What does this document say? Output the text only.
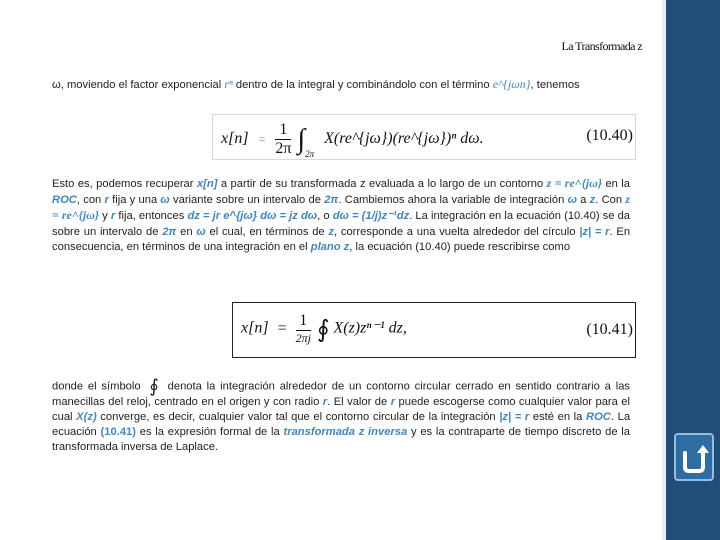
La Transformada z
ω, moviendo el factor exponencial rⁿ dentro de la integral y combinándolo con el término e^{jωn}, tenemos
$x[n] = \frac{1}{2\pi} \int_{2\pi}$ X(re^{jω})(re^{jω})ⁿ dω.	(10.40)
Esto es, podemos recuperar x[n] a partir de su transformada z evaluada a lo largo de un contorno z = re^{jω} en la ROC, con r fija y una ω variante sobre un intervalo de 2π. Cambiemos ahora la variable de integración ω a z. Con z = re^{jω} y r fija, entonces dz = jr e^{jω} dω = jz dω, o dω = (1/j)z⁻¹dz. La integración en la ecuación (10.40) se da sobre un intervalo de 2π en ω el cual, en términos de z, corresponde a una vuelta alrededor del círculo |z| = r. En consecuencia, en términos de una integración en el plano z, la ecuación (10.40) puede rescribirse como
$x[n] = \frac{1}{2\pi j}$ ∮ X(z)zⁿ⁻¹ dz,	(10.41)
donde el símbolo ∮ denota la integración alrededor de un contorno circular cerrado en sentido contrario a las manecillas del reloj, centrado en el origen y con radio r. El valor de r puede escogerse como cualquier valor para el cual X(z) converge, es decir, cualquier valor tal que el contorno circular de la integración |z| = r esté en la ROC. La ecuación (10.41) es la expresión formal de la transformada z inversa y es la contraparte de tiempo discreto de la transformada inversa de Laplace.
